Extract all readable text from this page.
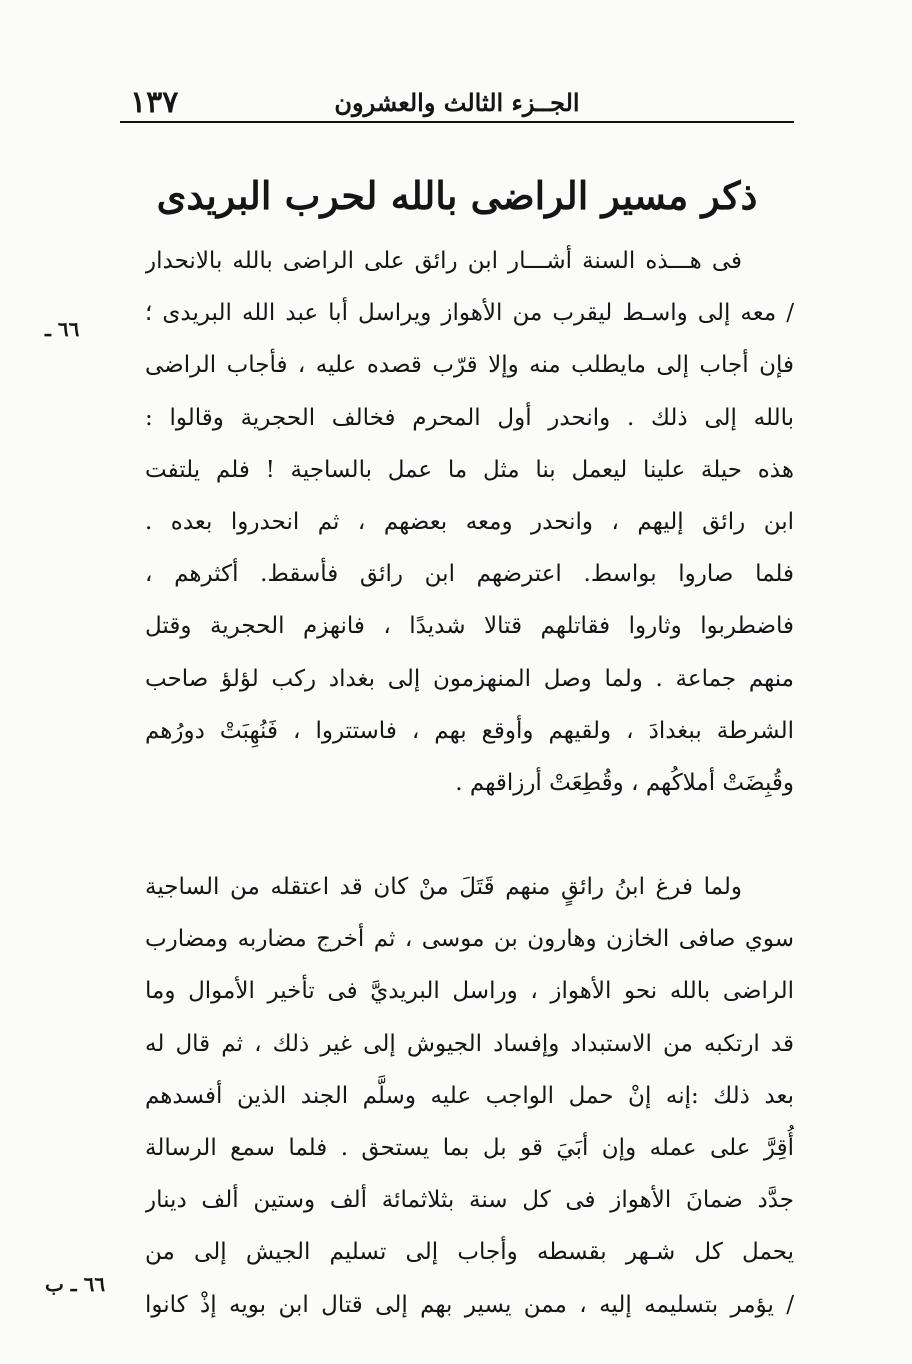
الجــزء الثالث والعشرون
١٣٧
ذكر مسير الراضى بالله لحرب البريدى
٦٦ ـ
٦٦ ـ ب
فى هـــذه السنة أشـــار ابن رائق على الراضى بالله بالانحدار
/ معه إلى واسـط ليقرب من الأهواز ويراسل أبا عبد الله البريدى ؛
فإن أجاب إلى مايطلب منه وإلا قرّب قصده عليه ، فأجاب الراضى
بالله إلى ذلك . وانحدر أول المحرم فخالف الحجرية وقالوا :
هذه حيلة علينا ليعمل بنا مثل ما عمل بالساجية ! فلم يلتفت
ابن رائق إليهم ، وانحدر ومعه بعضهم ، ثم انحدروا بعده .
فلما صاروا بواسط. اعترضهم ابن رائق فأسقط. أكثرهم ،
فاضطربوا وثاروا فقاتلهم قتالا شديدًا ، فانهزم الحجرية وقتل
منهم جماعة . ولما وصل المنهزمون إلى بغداد ركب لؤلؤ صاحب
الشرطة ببغدادَ ، ولقيهم وأوقع بهم ، فاستتروا ، فَنُهِبَتْ دورُهم
وقُبِضَتْ أملاكُهم ، وقُطِعَتْ أرزاقهم .
ولما فرغ ابنُ رائقٍ منهم قَتَلَ منْ كان قد اعتقله من الساجية
سوي صافى الخازن وهارون بن موسى ، ثم أخرج مضاربه ومضارب
الراضى بالله نحو الأهواز ، وراسل البريديَّ فى تأخير الأموال وما
قد ارتكبه من الاستبداد وإفساد الجيوش إلى غير ذلك ، ثم قال له
بعد ذلك :إنه إنْ حمل الواجب عليه وسلَّم الجند الذين أفسدهم
أُقِرَّ على عمله وإن أبَيَ قو بل بما يستحق . فلما سمع الرسالة
جدَّد ضمانَ الأهواز فى كل سنة بثلاثمائة ألف وستين ألف دينار
يحمل كل شـهر بقسطه وأجاب إلى تسليم الجيش إلى من
/ يؤمر بتسليمه إليه ، ممن يسير بهم إلى قتال ابن بويه إذْ كانوا
